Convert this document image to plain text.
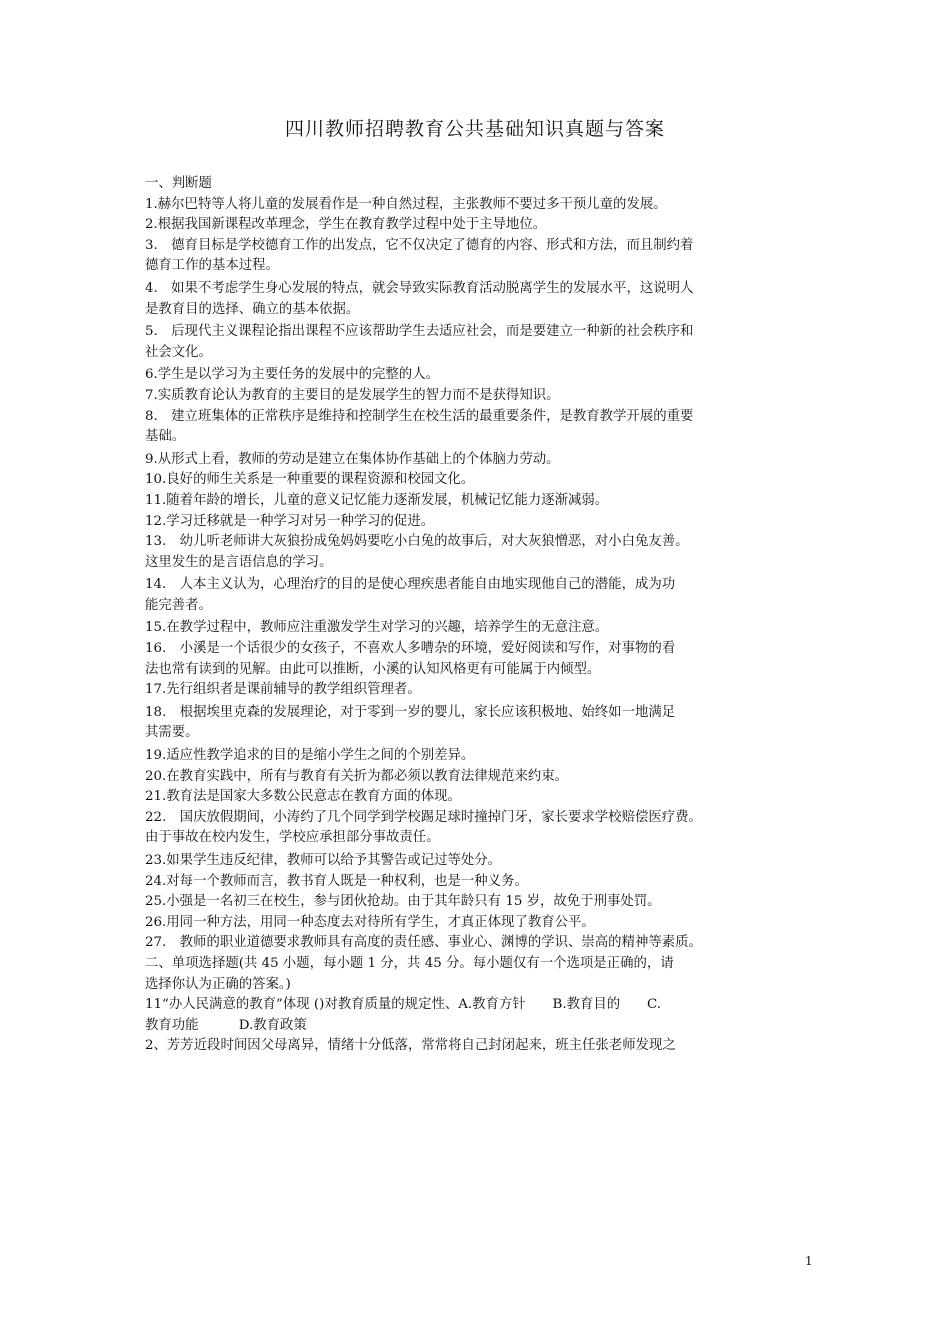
四川教师招聘教育公共基础知识真题与答案
一、判断题
1.赫尔巴特等人将儿童的发展看作是一种自然过程，主张教师不要过多干预儿童的发展。
2.根据我国新课程改革理念，学生在教育教学过程中处于主导地位。
3.　德育目标是学校德育工作的出发点，它不仅决定了德育的内容、形式和方法，而且制约着
德育工作的基本过程。
4.　如果不考虑学生身心发展的特点，就会导致实际教育活动脱离学生的发展水平，这说明人
是教育目的选择、确立的基本依据。
5.　后现代主义课程论指出课程不应该帮助学生去适应社会，而是要建立一种新的社会秩序和
社会文化。
6.学生是以学习为主要任务的发展中的完整的人。
7.实质教育论认为教育的主要目的是发展学生的智力而不是获得知识。
8.　建立班集体的正常秩序是维持和控制学生在校生活的最重要条件，是教育教学开展的重要
基础。
9.从形式上看，教师的劳动是建立在集体协作基础上的个体脑力劳动。
10.良好的师生关系是一种重要的课程资源和校园文化。
11.随着年龄的增长，儿童的意义记忆能力逐渐发展，机械记忆能力逐渐减弱。
12.学习迁移就是一种学习对另一种学习的促进。
13.　幼儿听老师讲大灰狼扮成兔妈妈要吃小白兔的故事后，对大灰狼憎恶，对小白兔友善。
这里发生的是言语信息的学习。
14.　人本主义认为，心理治疗的目的是使心理疾患者能自由地实现他自己的潜能，成为功
能完善者。
15.在教学过程中，教师应注重激发学生对学习的兴趣，培养学生的无意注意。
16.　小溪是一个话很少的女孩子，不喜欢人多嘈杂的环境，爱好阅读和写作，对事物的看
法也常有读到的见解。由此可以推断，小溪的认知风格更有可能属于内倾型。
17.先行组织者是课前辅导的教学组织管理者。
18.　根据埃里克森的发展理论，对于零到一岁的婴儿，家长应该积极地、始终如一地满足
其需要。
19.适应性教学追求的目的是缩小学生之间的个别差异。
20.在教育实践中，所有与教育有关折为都必须以教育法律规范来约束。
21.教育法是国家大多数公民意志在教育方面的体现。
22.　国庆放假期间，小涛约了几个同学到学校踢足球时撞掉门牙，家长要求学校赔偿医疗费。
由于事故在校内发生，学校应承担部分事故责任。
23.如果学生违反纪律，教师可以给予其警告或记过等处分。
24.对每一个教师而言，教书育人既是一种权利，也是一种义务。
25.小强是一名初三在校生，参与团伙抢劫。由于其年龄只有 15 岁，故免于刑事处罚。
26.用同一种方法，用同一种态度去对待所有学生，才真正体现了教育公平。
27.　教师的职业道德要求教师具有高度的责任感、事业心、渊博的学识、崇高的精神等素质。
二、单项选择题(共 45 小题，每小题 1 分，共 45 分。每小题仅有一个选项是正确的，请
选择你认为正确的答案。)
11“办人民满意的教育”体现 ()对教育质量的规定性、A.教育方针　　B.教育目的　　C.
教育功能　　　D.教育政策
2、芳芳近段时间因父母离异，情绪十分低落，常常将自己封闭起来，班主任张老师发现之
1
